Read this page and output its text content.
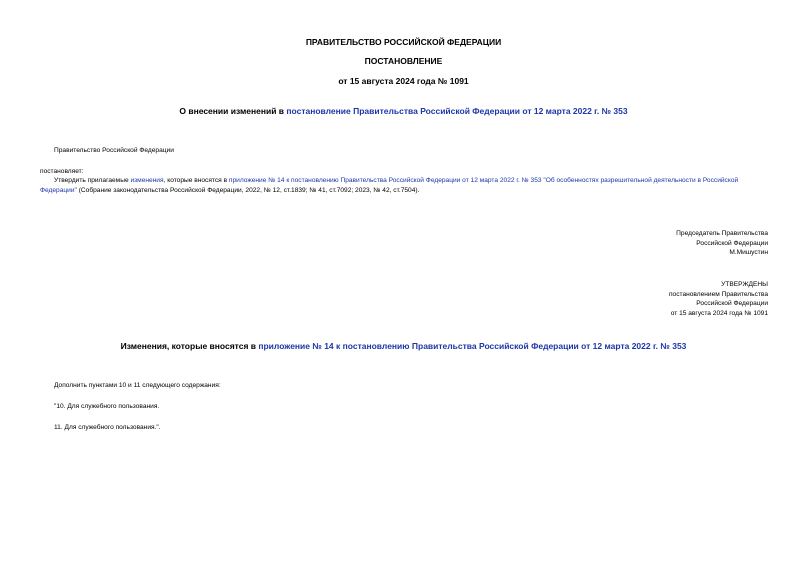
ПРАВИТЕЛЬСТВО РОССИЙСКОЙ ФЕДЕРАЦИИ
ПОСТАНОВЛЕНИЕ
от 15 августа 2024 года № 1091
О внесении изменений в постановление Правительства Российской Федерации от 12 марта 2022 г. № 353
Правительство Российской Федерации
постановляет:
Утвердить прилагаемые изменения, которые вносятся в приложение № 14 к постановлению Правительства Российской Федерации от 12 марта 2022 г. № 353 "Об особенностях разрешительной деятельности в Российской Федерации" (Собрание законодательства Российской Федерации, 2022, № 12, ст.1839; № 41, ст.7092; 2023, № 42, ст.7504).
Председатель Правительства
Российской Федерации
М.Мишустин
УТВЕРЖДЕНЫ
постановлением Правительства
Российской Федерации
от 15 августа 2024 года № 1091
Изменения, которые вносятся в приложение № 14 к постановлению Правительства Российской Федерации от 12 марта 2022 г. № 353
Дополнить пунктами 10 и 11 следующего содержания:
"10. Для служебного пользования.
11. Для служебного пользования.".
